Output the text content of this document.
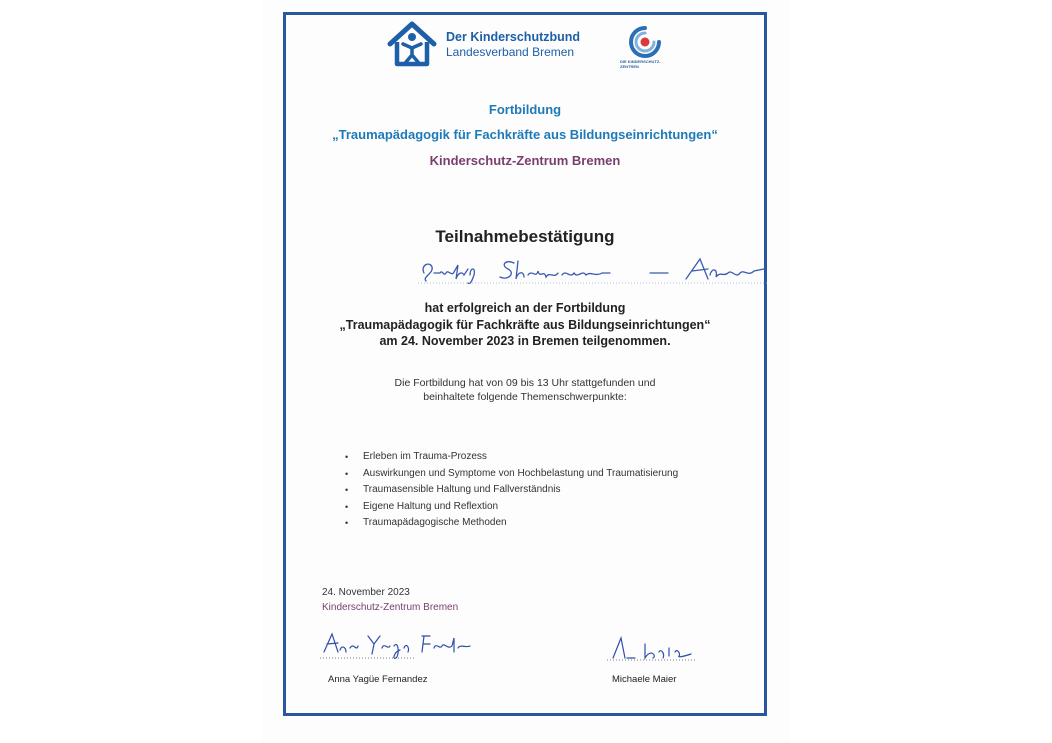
Der Kinderschutzbund
Landesverband Bremen
DIE KINDERSCHUTZ-ZENTREN
Fortbildung
„Traumapädagogik für Fachkräfte aus Bildungseinrichtungen“
Kinderschutz-Zentrum Bremen
Teilnahmebestätigung
Swantje Schumann-Abba
hat erfolgreich an der Fortbildung
„Traumapädagogik für Fachkräfte aus Bildungseinrichtungen“
am 24. November 2023 in Bremen teilgenommen.
Die Fortbildung hat von 09 bis 13 Uhr stattgefunden und
beinhaltete folgende Themenschwerpunkte:
• Erleben im Trauma-Prozess
• Auswirkungen und Symptome von Hochbelastung und Traumatisierung
• Traumasensible Haltung und Fallverständnis
• Eigene Haltung und Reflextion
• Traumapädagogische Methoden
24. November 2023
Kinderschutz-Zentrum Bremen
Anna Yagüe Fernandez	Michaele Maier
